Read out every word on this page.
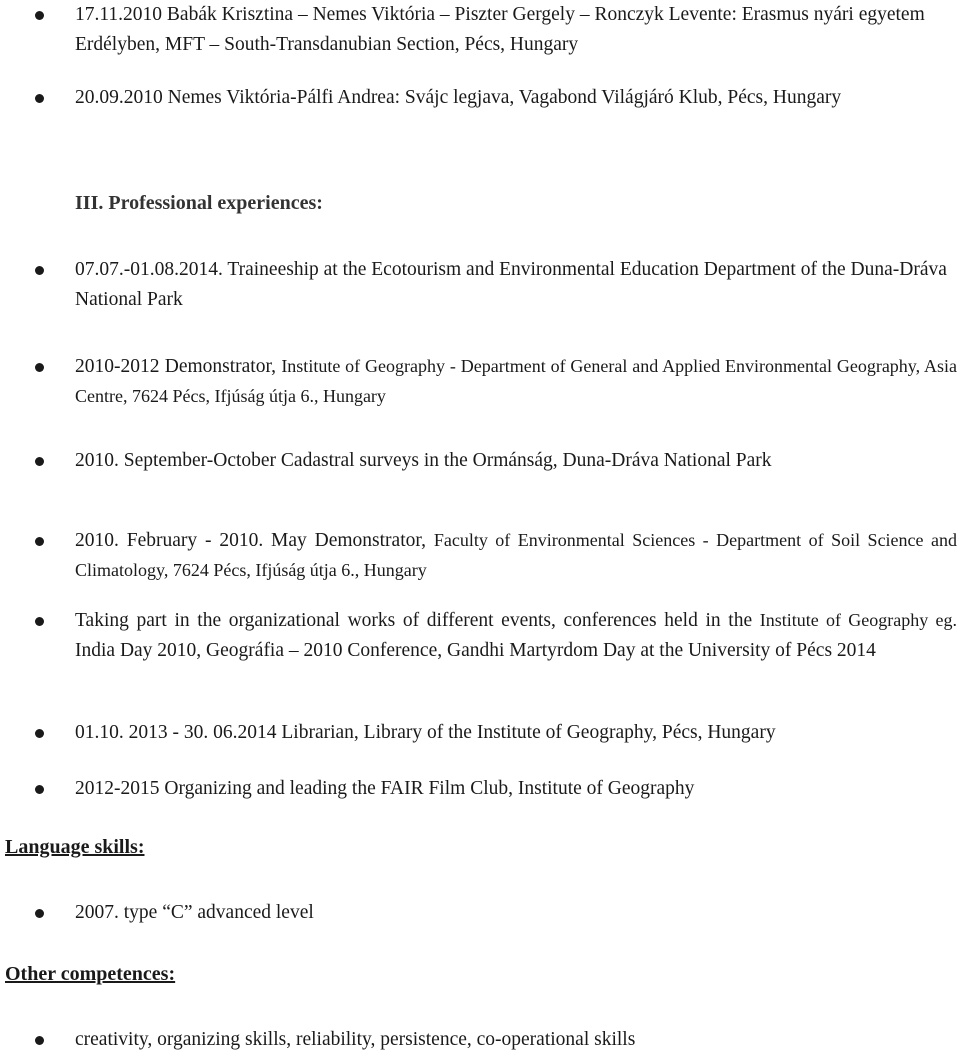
17.11.2010 Babák Krisztina – Nemes Viktória – Piszter Gergely – Ronczyk Levente: Erasmus nyári egyetem Erdélyben, MFT – South-Transdanubian Section, Pécs, Hungary
20.09.2010 Nemes Viktória-Pálfi Andrea: Svájc legjava, Vagabond Világjáró Klub, Pécs, Hungary
III. Professional experiences:
07.07.-01.08.2014. Traineeship at the Ecotourism and Environmental Education Department of the Duna-Dráva National Park
2010-2012 Demonstrator, Institute of Geography - Department of General and Applied Environmental Geography, Asia Centre, 7624 Pécs, Ifjúság útja 6., Hungary
2010. September-October Cadastral surveys in the Ormánság, Duna-Dráva National Park
2010. February - 2010. May Demonstrator, Faculty of Environmental Sciences - Department of Soil Science and Climatology, 7624 Pécs, Ifjúság útja 6., Hungary
Taking part in the organizational works of different events, conferences held in the Institute of Geography eg. India Day 2010, Geográfia – 2010 Conference, Gandhi Martyrdom Day at the University of Pécs 2014
01.10. 2013 - 30. 06.2014 Librarian, Library of the Institute of Geography, Pécs, Hungary
2012-2015 Organizing and leading the FAIR Film Club, Institute of Geography
Language skills:
2007. type “C” advanced level
Other competences:
creativity, organizing skills, reliability, persistence, co-operational skills
